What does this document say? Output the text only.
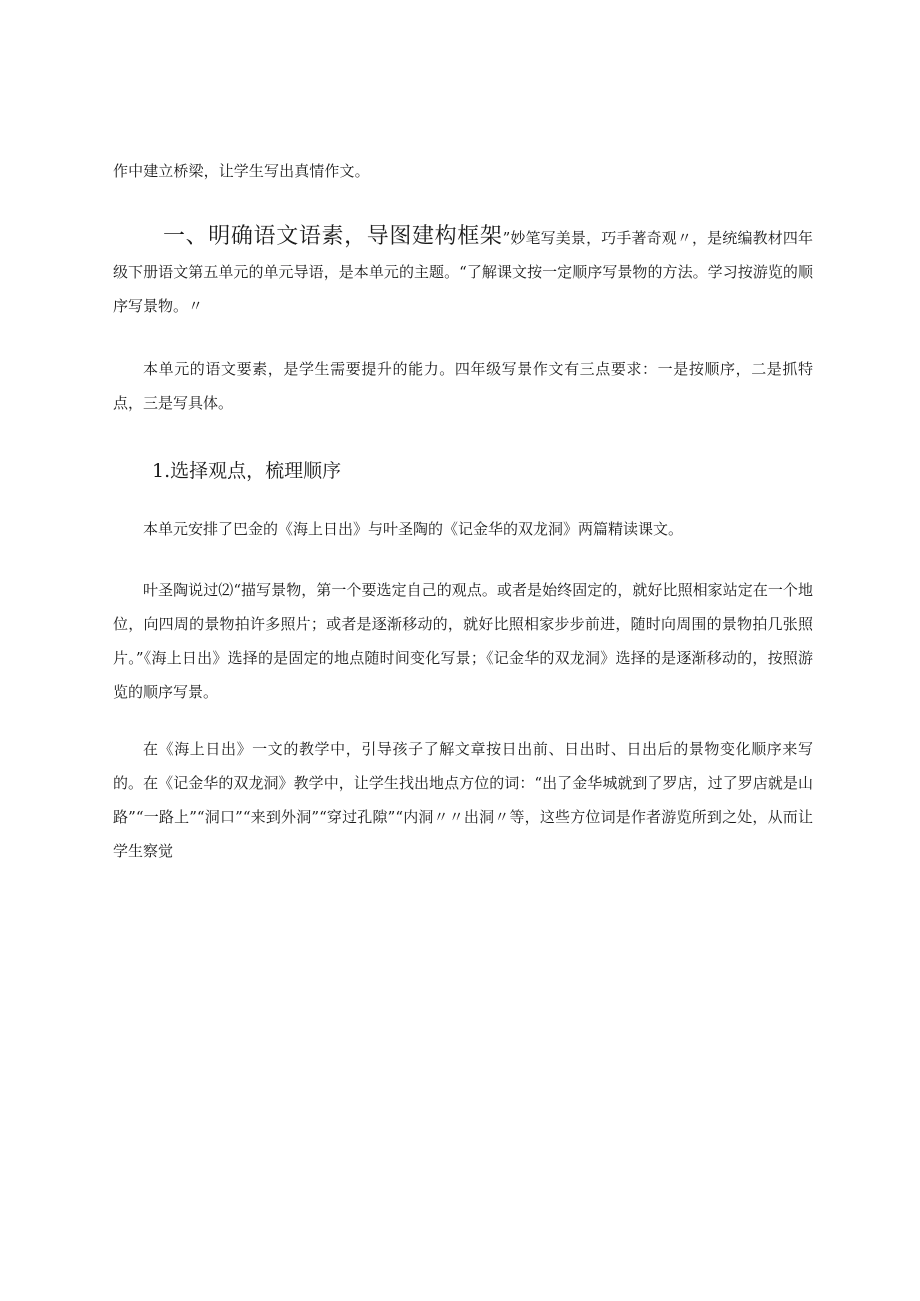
作中建立桥梁，让学生写出真情作文。
一、明确语文语素，导图建构框架”妙笔写美景，巧手著奇观〃，是统编教材四年级下册语文第五单元的单元导语，是本单元的主题。“了解课文按一定顺序写景物的方法。学习按游览的顺序写景物。〃
本单元的语文要素，是学生需要提升的能力。四年级写景作文有三点要求：一是按顺序，二是抓特点，三是写具体。
1.选择观点，梳理顺序
本单元安排了巴金的《海上日出》与叶圣陶的《记金华的双龙洞》两篇精读课文。
叶圣陶说过⑵“描写景物，第一个要选定自己的观点。或者是始终固定的，就好比照相家站定在一个地位，向四周的景物拍许多照片；或者是逐渐移动的，就好比照相家步步前进，随时向周围的景物拍几张照片。”《海上日出》选择的是固定的地点随时间变化写景；《记金华的双龙洞》选择的是逐渐移动的，按照游览的顺序写景。
在《海上日出》一文的教学中，引导孩子了解文章按日出前、日出时、日出后的景物变化顺序来写的。在《记金华的双龙洞》教学中，让学生找出地点方位的词：“出了金华城就到了罗店，过了罗店就是山路”“一路上”“洞口”“来到外洞”“穿过孔隙”“内洞〃〃出洞〃等，这些方位词是作者游览所到之处，从而让学生察觉
